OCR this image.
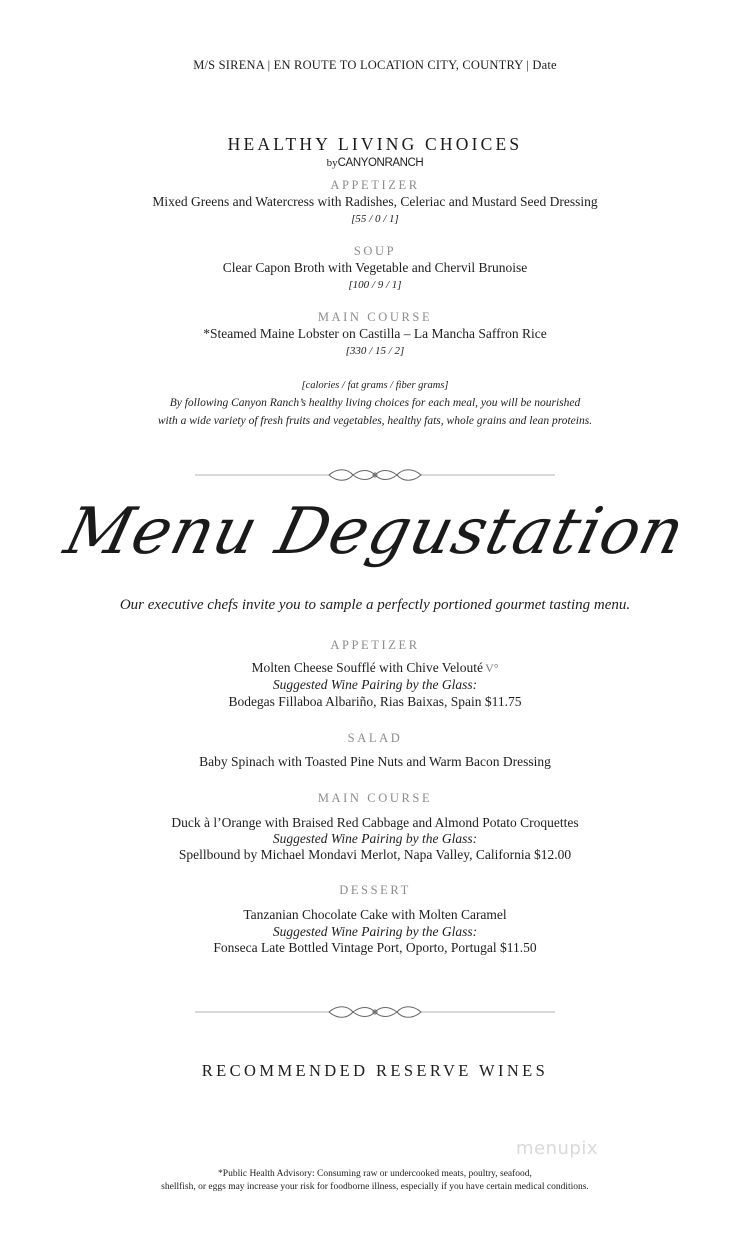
M/S SIRENA | EN ROUTE TO LOCATION CITY, COUNTRY | Date
HEALTHY LIVING CHOICES
byCANYONRANCH
APPETIZER
Mixed Greens and Watercress with Radishes, Celeriac and Mustard Seed Dressing
[55 / 0 / 1]
SOUP
Clear Capon Broth with Vegetable and Chervil Brunoise
[100 / 9 / 1]
MAIN COURSE
*Steamed Maine Lobster on Castilla – La Mancha Saffron Rice
[330 / 15 / 2]
[calories / fat grams / fiber grams]
By following Canyon Ranch’s healthy living choices for each meal, you will be nourished
with a wide variety of fresh fruits and vegetables, healthy fats, whole grains and lean proteins.
Menu Degustation
Our executive chefs invite you to sample a perfectly portioned gourmet tasting menu.
APPETIZER
Molten Cheese Soufflé with Chive Velouté V°
Suggested Wine Pairing by the Glass:
Bodegas Fillaboa Albariño, Rias Baixas, Spain $11.75
SALAD
Baby Spinach with Toasted Pine Nuts and Warm Bacon Dressing
MAIN COURSE
Duck à l’Orange with Braised Red Cabbage and Almond Potato Croquettes
Suggested Wine Pairing by the Glass:
Spellbound by Michael Mondavi Merlot, Napa Valley, California $12.00
DESSERT
Tanzanian Chocolate Cake with Molten Caramel
Suggested Wine Pairing by the Glass:
Fonseca Late Bottled Vintage Port, Oporto, Portugal $11.50
RECOMMENDED RESERVE WINES
menupix
*Public Health Advisory: Consuming raw or undercooked meats, poultry, seafood,
shellfish, or eggs may increase your risk for foodborne illness, especially if you have certain medical conditions.
